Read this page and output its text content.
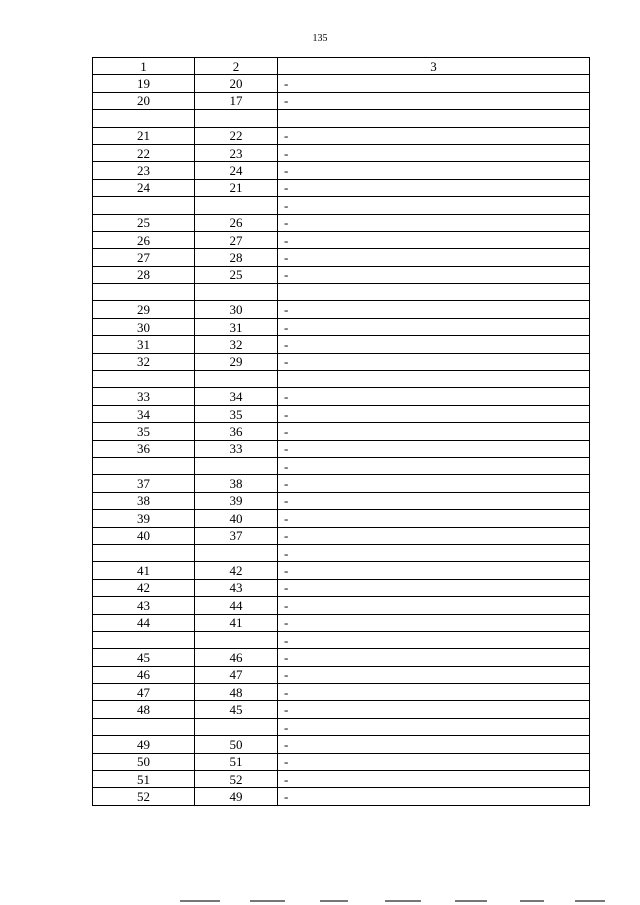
135
1	2	3
19	20	-
20	17	-

21	22	-
22	23	-
23	24	-
24	21	-
		-
25	26	-
26	27	-
27	28	-
28	25	-

29	30	-
30	31	-
31	32	-
32	29	-

33	34	-
34	35	-
35	36	-
36	33	-
		-
37	38	-
38	39	-
39	40	-
40	37	-
		-
41	42	-
42	43	-
43	44	-
44	41	-
		-
45	46	-
46	47	-
47	48	-
48	45	-
		-
49	50	-
50	51	-
51	52	-
52	49	-
